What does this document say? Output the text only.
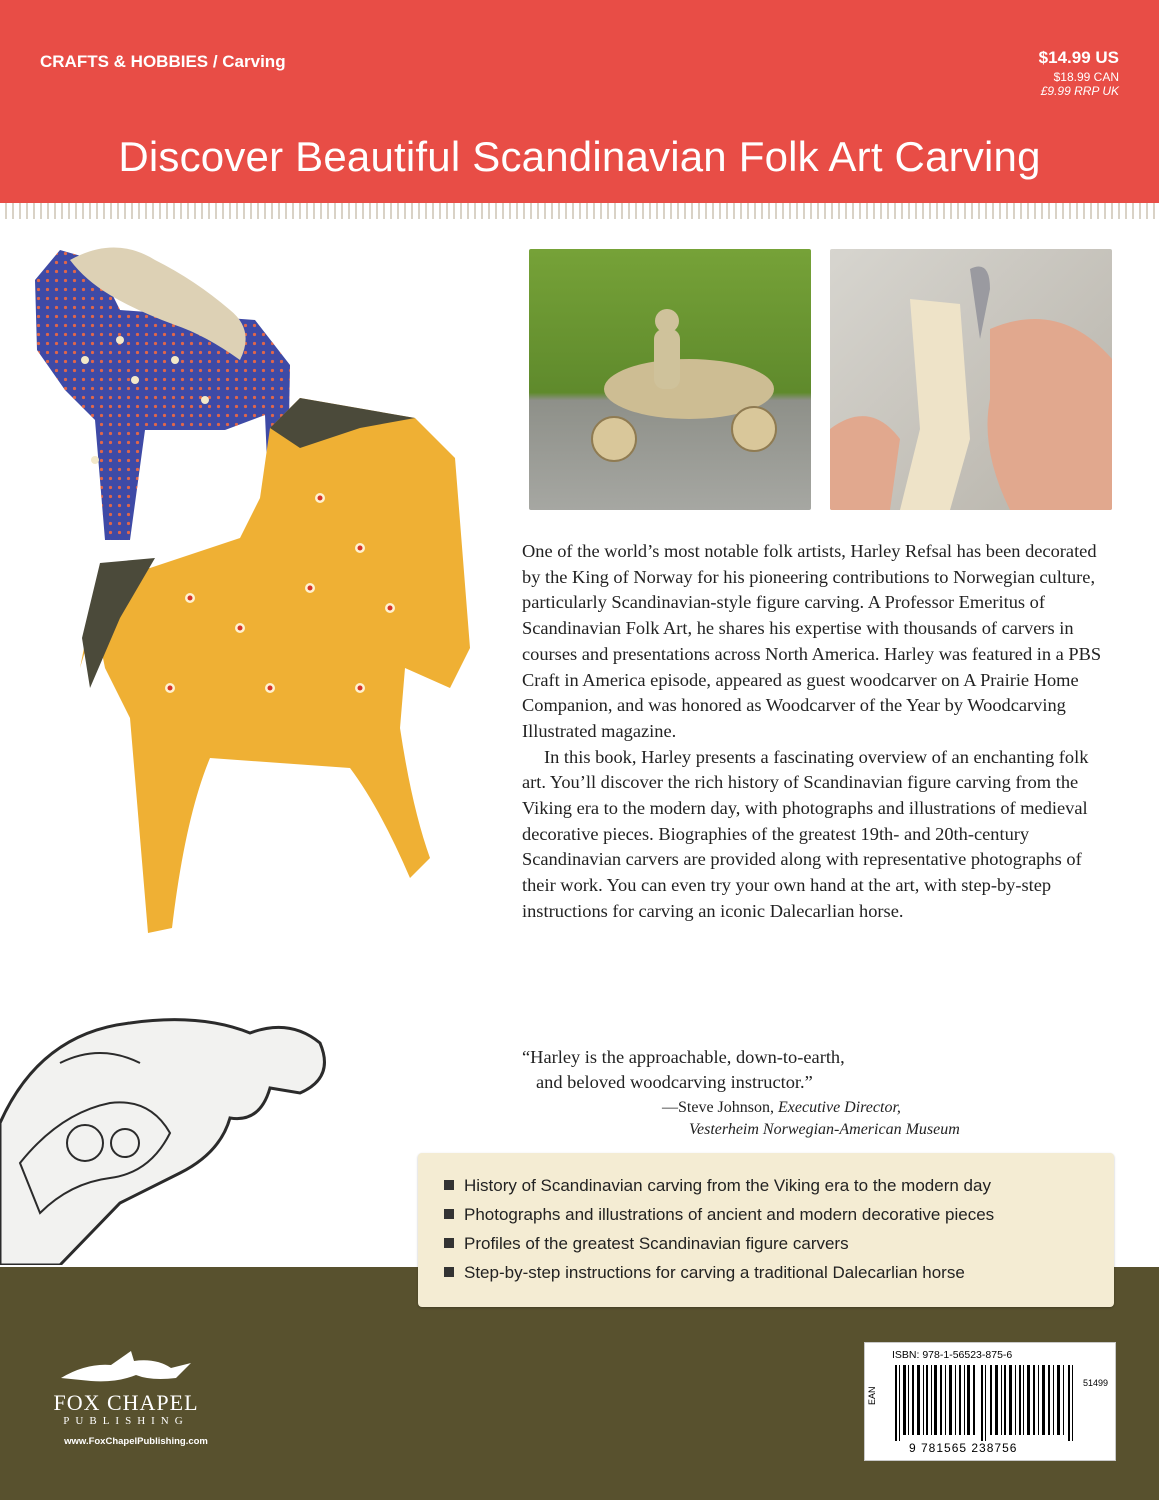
CRAFTS & HOBBIES / Carving	$14.99 US
$18.99 CAN
£9.99 RRP UK
Discover Beautiful Scandinavian Folk Art Carving

One of the world’s most notable folk artists, Harley Refsal has been decorated by the King of Norway for his pioneering contributions to Norwegian culture, particularly Scandinavian-style figure carving. A Professor Emeritus of Scandinavian Folk Art, he shares his expertise with thousands of carvers in courses and presentations across North America. Harley was featured in a PBS Craft in America episode, appeared as guest woodcarver on A Prairie Home Companion, and was honored as Woodcarver of the Year by Woodcarving Illustrated magazine.

In this book, Harley presents a fascinating overview of an enchanting folk art. You’ll discover the rich history of Scandinavian figure carving from the Viking era to the modern day, with photographs and illustrations of medieval decorative pieces. Biographies of the greatest 19th- and 20th-century Scandinavian carvers are provided along with representative photographs of their work. You can even try your own hand at the art, with step-by-step instructions for carving an iconic Dalecarlian horse.

“Harley is the approachable, down-to-earth,
and beloved woodcarving instructor.”
—Steve Johnson, Executive Director,
Vesterheim Norwegian-American Museum
History of Scandinavian carving from the Viking era to the modern day
Photographs and illustrations of ancient and modern decorative pieces
Profiles of the greatest Scandinavian figure carvers
Step-by-step instructions for carving a traditional Dalecarlian horse
FOX CHAPEL
PUBLISHING
www.FoxChapelPublishing.com
ISBN: 978-1-56523-875-6
EAN
51499
9 781565 238756
